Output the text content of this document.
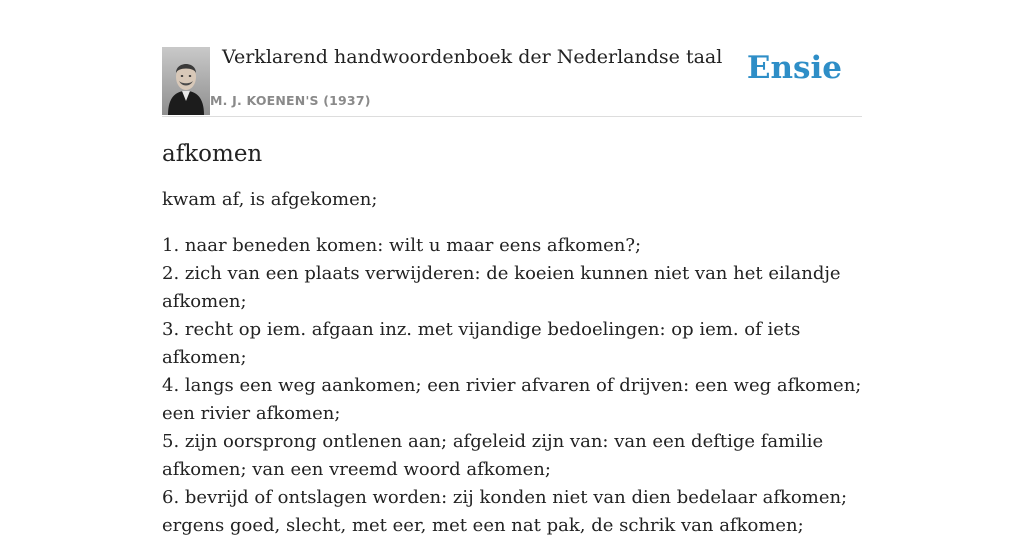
Verklarend handwoordenboek der Nederlandse taal
M. J. KOENEN'S (1937)
Ensie
afkomen

kwam af, is afgekomen;

1. naar beneden komen: wilt u maar eens afkomen?;
2. zich van een plaats verwijderen: de koeien kunnen niet van het eilandje afkomen;
3. recht op iem. afgaan inz. met vijandige bedoelingen: op iem. of iets afkomen;
4. langs een weg aankomen; een rivier afvaren of drijven: een weg afkomen; een rivier afkomen;
5. zijn oorsprong ontlenen aan; afgeleid zijn van: van een deftige familie afkomen; van een vreemd woord afkomen;
6. bevrijd of ontslagen worden: zij konden niet van dien bedelaar afkomen; ergens goed, slecht, met eer, met een nat pak, de schrik van afkomen;
